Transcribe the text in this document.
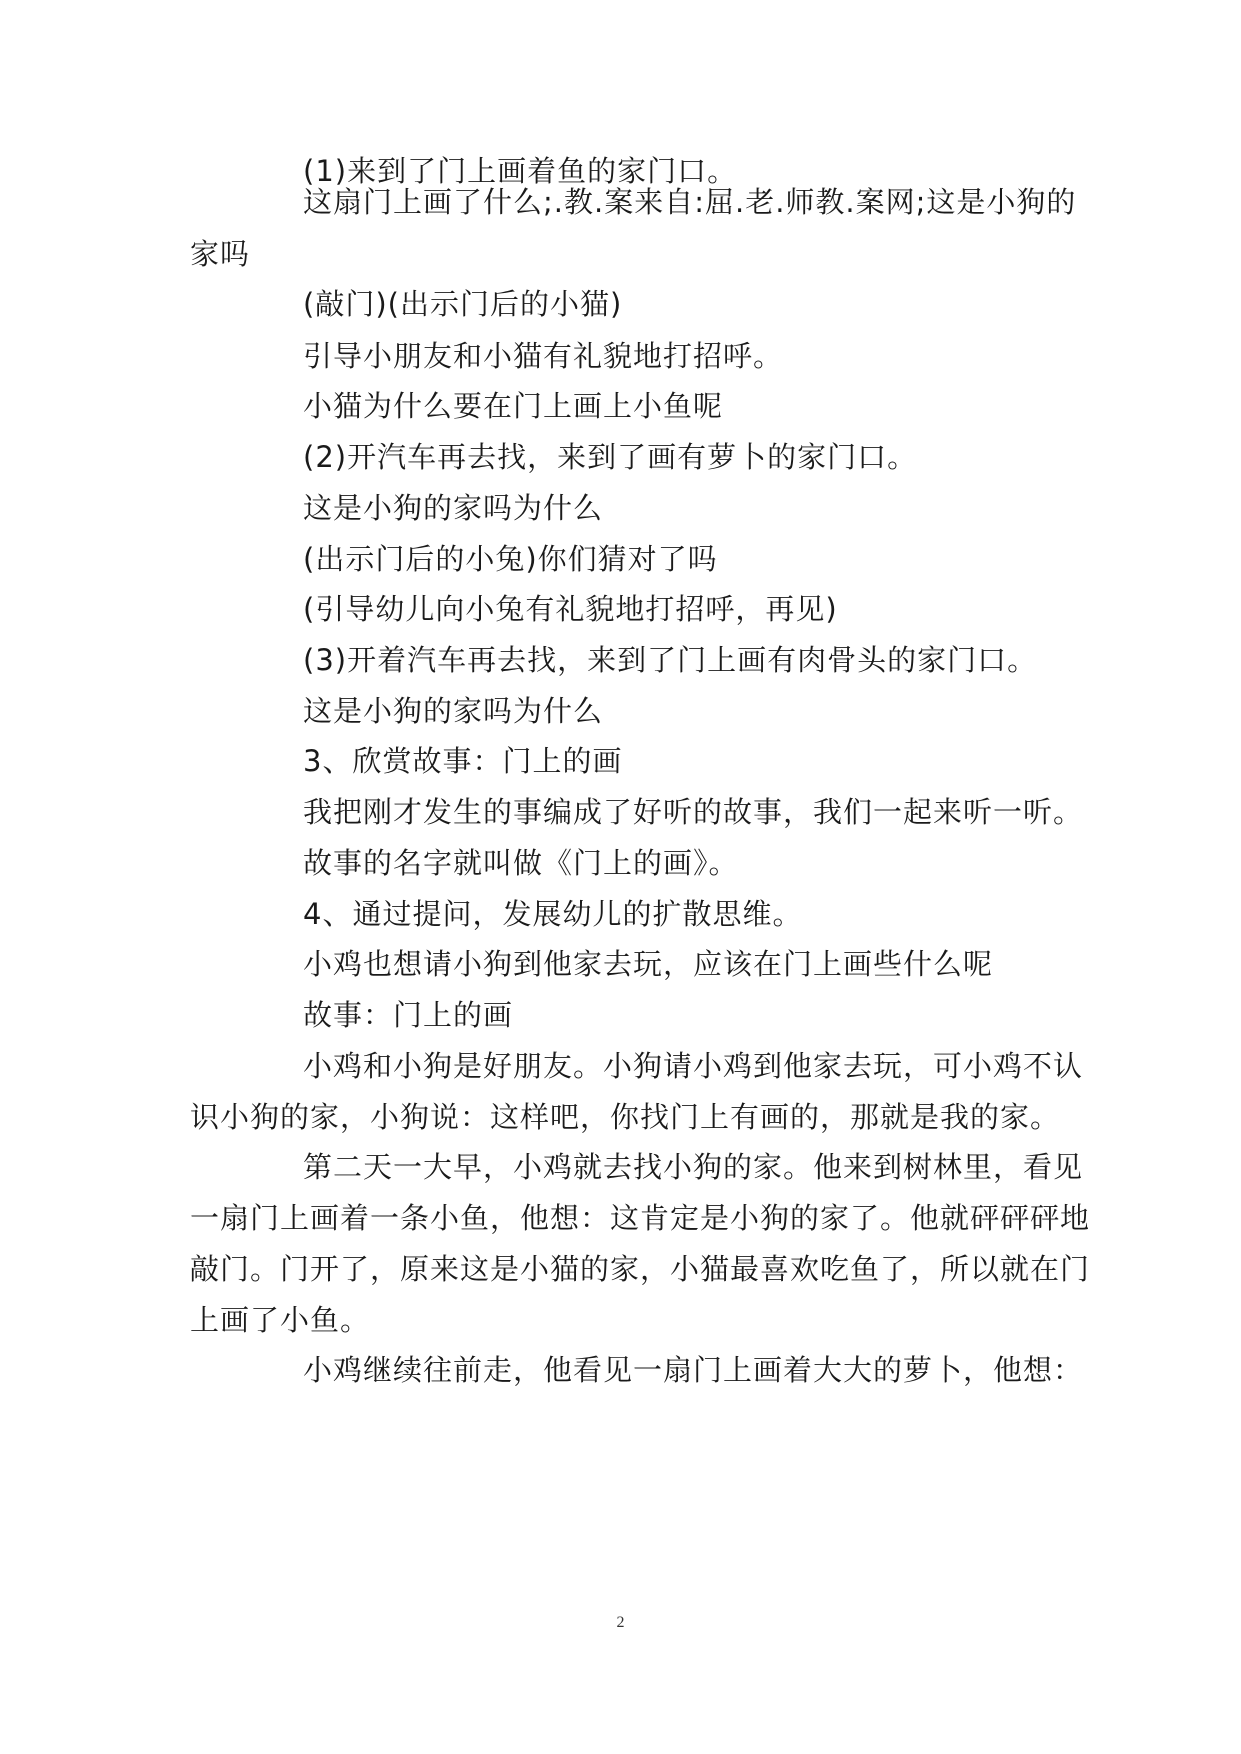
(1)来到了门上画着鱼的家门口。
这扇门上画了什么;.教.案来自:屈.老.师教.案网;这是小狗的
家吗
(敲门)(出示门后的小猫)
引导小朋友和小猫有礼貌地打招呼。
小猫为什么要在门上画上小鱼呢
(2)开汽车再去找，来到了画有萝卜的家门口。
这是小狗的家吗为什么
(出示门后的小兔)你们猜对了吗
(引导幼儿向小兔有礼貌地打招呼，再见)
(3)开着汽车再去找，来到了门上画有肉骨头的家门口。
这是小狗的家吗为什么
3、欣赏故事：门上的画
我把刚才发生的事编成了好听的故事，我们一起来听一听。
故事的名字就叫做《门上的画》。
4、通过提问，发展幼儿的扩散思维。
小鸡也想请小狗到他家去玩，应该在门上画些什么呢
故事：门上的画
小鸡和小狗是好朋友。小狗请小鸡到他家去玩，可小鸡不认
识小狗的家，小狗说：这样吧，你找门上有画的，那就是我的家。
第二天一大早，小鸡就去找小狗的家。他来到树林里，看见
一扇门上画着一条小鱼，他想：这肯定是小狗的家了。他就砰砰砰地
敲门。门开了，原来这是小猫的家，小猫最喜欢吃鱼了，所以就在门
上画了小鱼。
小鸡继续往前走，他看见一扇门上画着大大的萝卜，他想：
2
